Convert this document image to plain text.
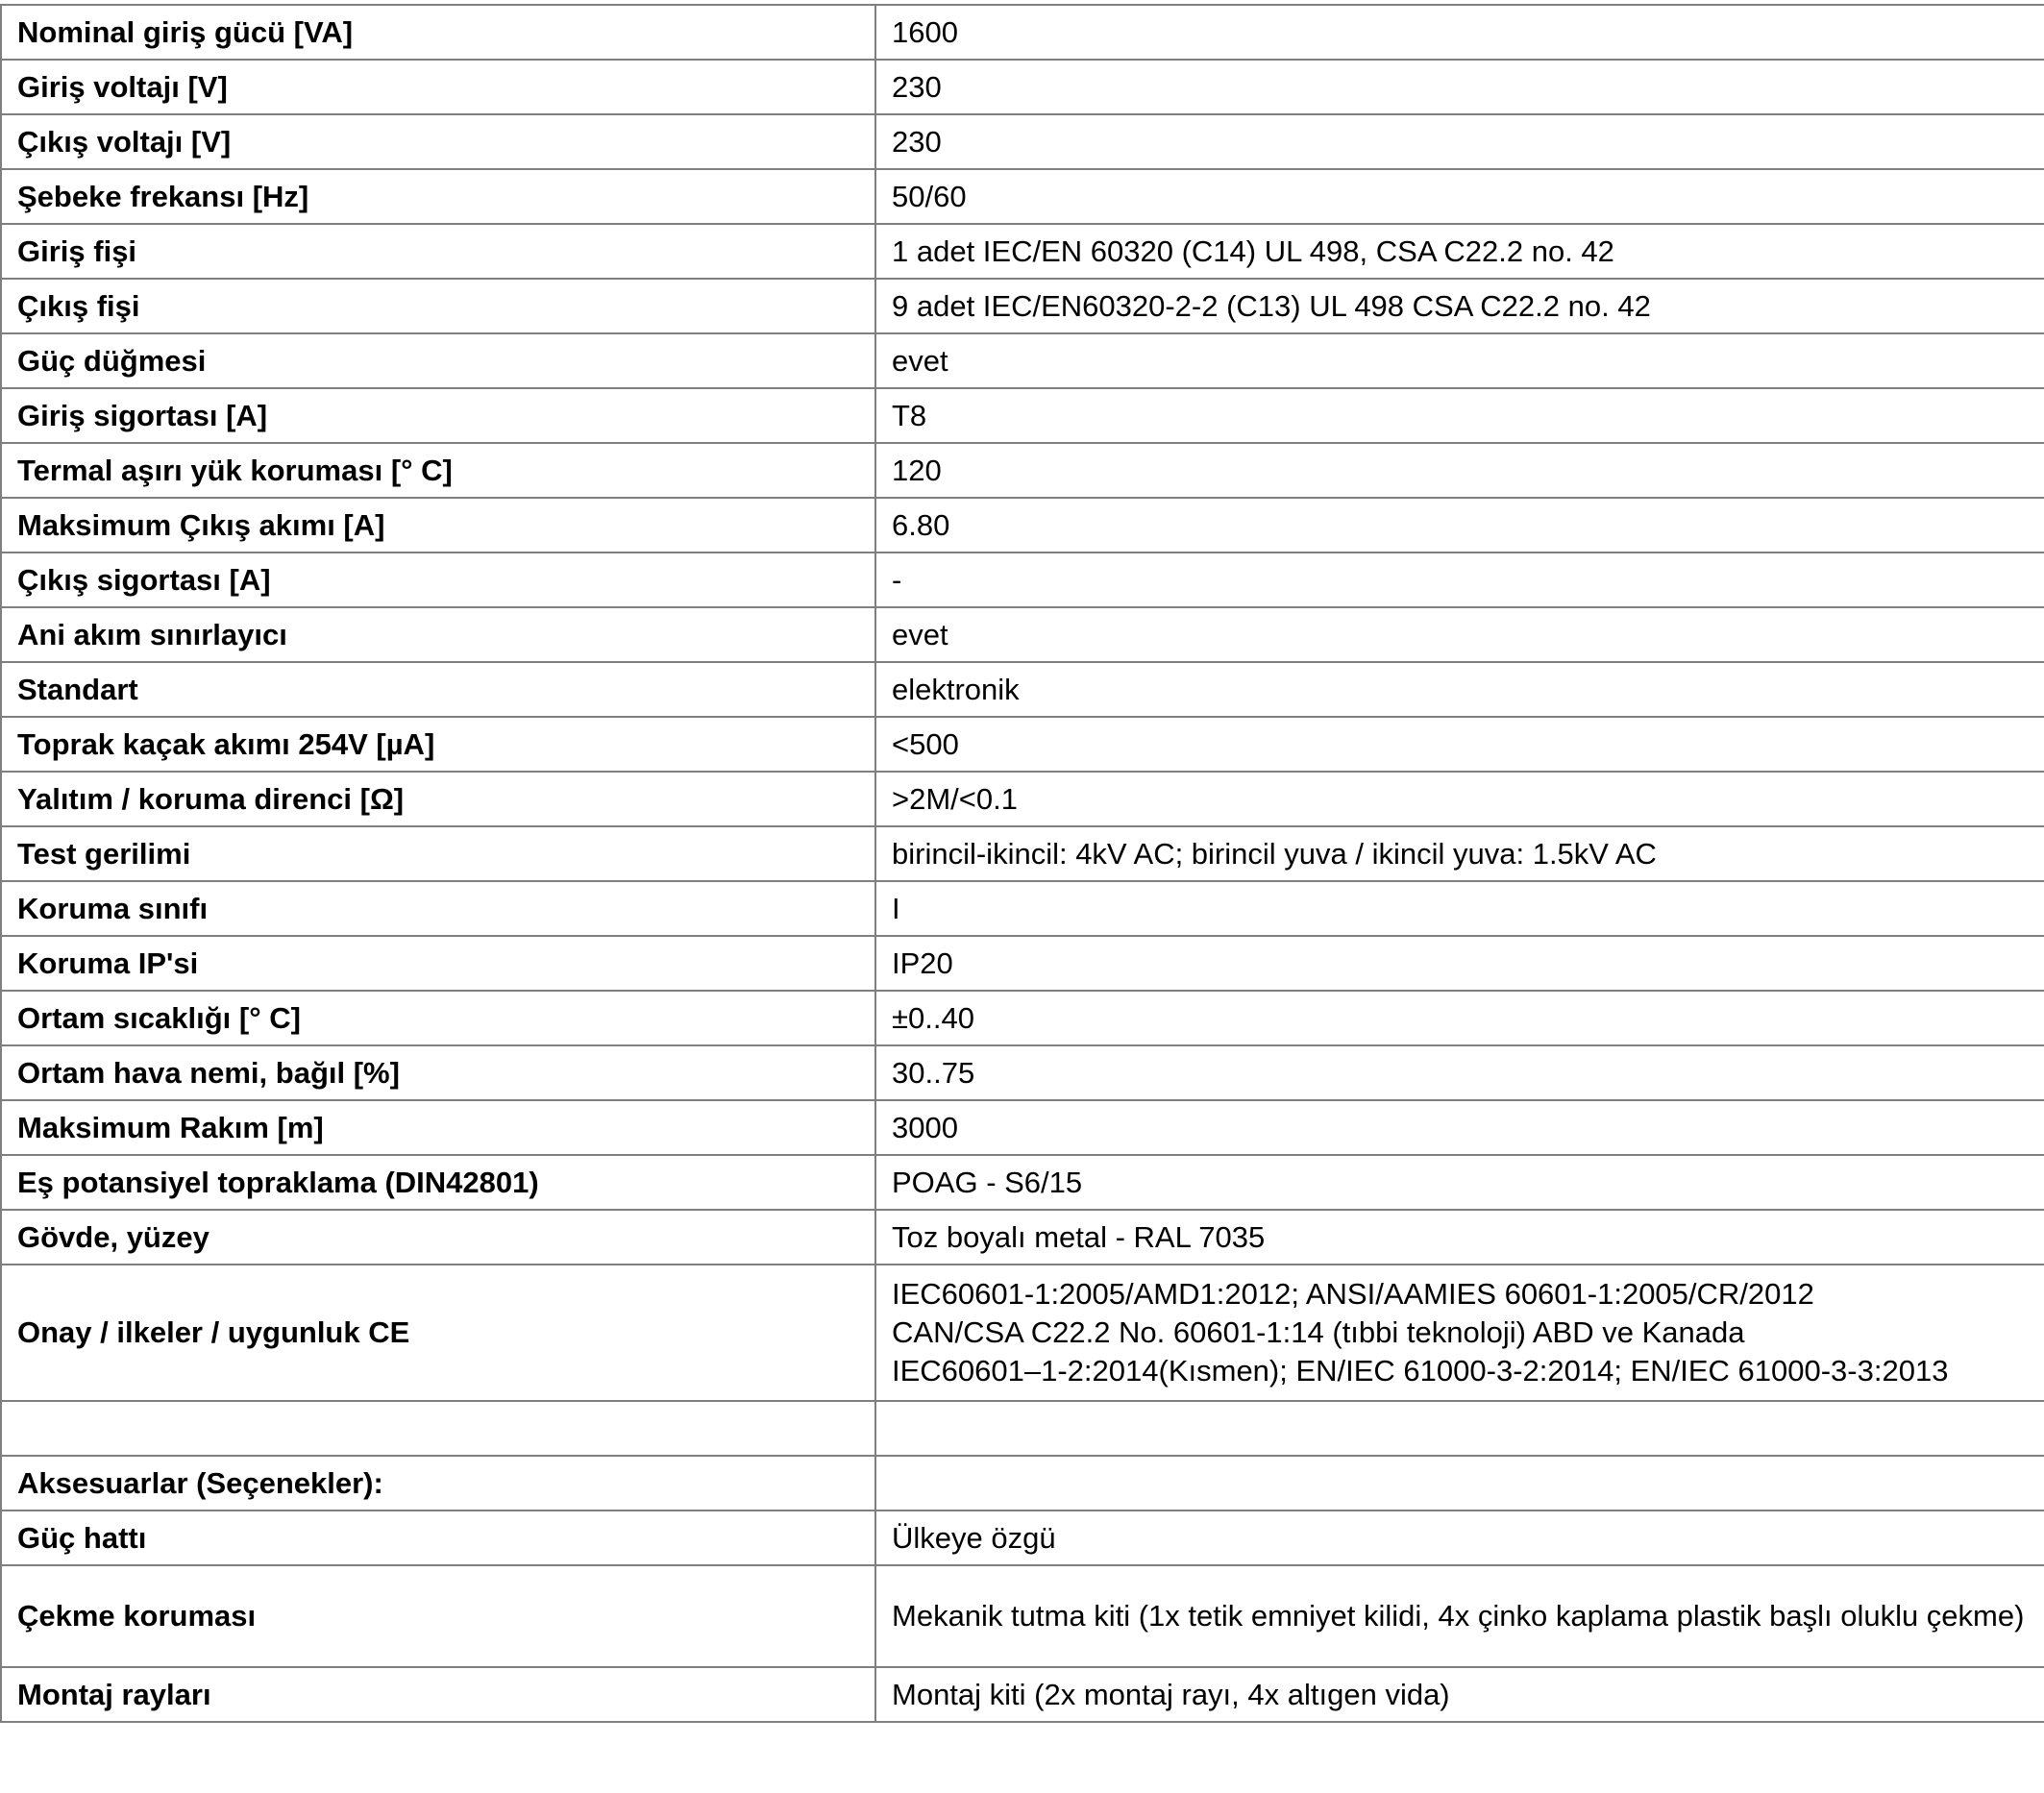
Nominal giriş gücü [VA]	1600
Giriş voltajı [V]	230
Çıkış voltajı [V]	230
Şebeke frekansı [Hz]	50/60
Giriş fişi	1 adet IEC/EN 60320 (C14) UL 498, CSA C22.2 no. 42
Çıkış fişi	9 adet IEC/EN60320-2-2 (C13) UL 498 CSA C22.2 no. 42
Güç düğmesi	evet
Giriş sigortası [A]	T8
Termal aşırı yük koruması [° C]	120
Maksimum Çıkış akımı [A]	6.80
Çıkış sigortası [A]	-
Ani akım sınırlayıcı	evet
Standart	elektronik
Toprak kaçak akımı 254V [µA]	<500
Yalıtım / koruma direnci [Ω]	>2M/<0.1
Test gerilimi	birincil-ikincil: 4kV AC; birincil yuva / ikincil yuva: 1.5kV AC
Koruma sınıfı	I
Koruma IP'si	IP20
Ortam sıcaklığı [° C]	±0..40
Ortam hava nemi, bağıl [%]	30..75
Maksimum Rakım [m]	3000
Eş potansiyel topraklama (DIN42801)	POAG - S6/15
Gövde, yüzey	Toz boyalı metal - RAL 7035
Onay / ilkeler / uygunluk CE	IEC60601-1:2005/AMD1:2012; ANSI/AAMIES 60601-1:2005/CR/2012
CAN/CSA C22.2 No. 60601-1:14 (tıbbi teknoloji) ABD ve Kanada
IEC60601–1-2:2014(Kısmen); EN/IEC 61000-3-2:2014; EN/IEC 61000-3-3:2013

Aksesuarlar (Seçenekler):	
Güç hattı	Ülkeye özgü
Çekme koruması	Mekanik tutma kiti (1x tetik emniyet kilidi, 4x çinko kaplama plastik başlı oluklu çekme)
Montaj rayları	Montaj kiti (2x montaj rayı, 4x altıgen vida)
